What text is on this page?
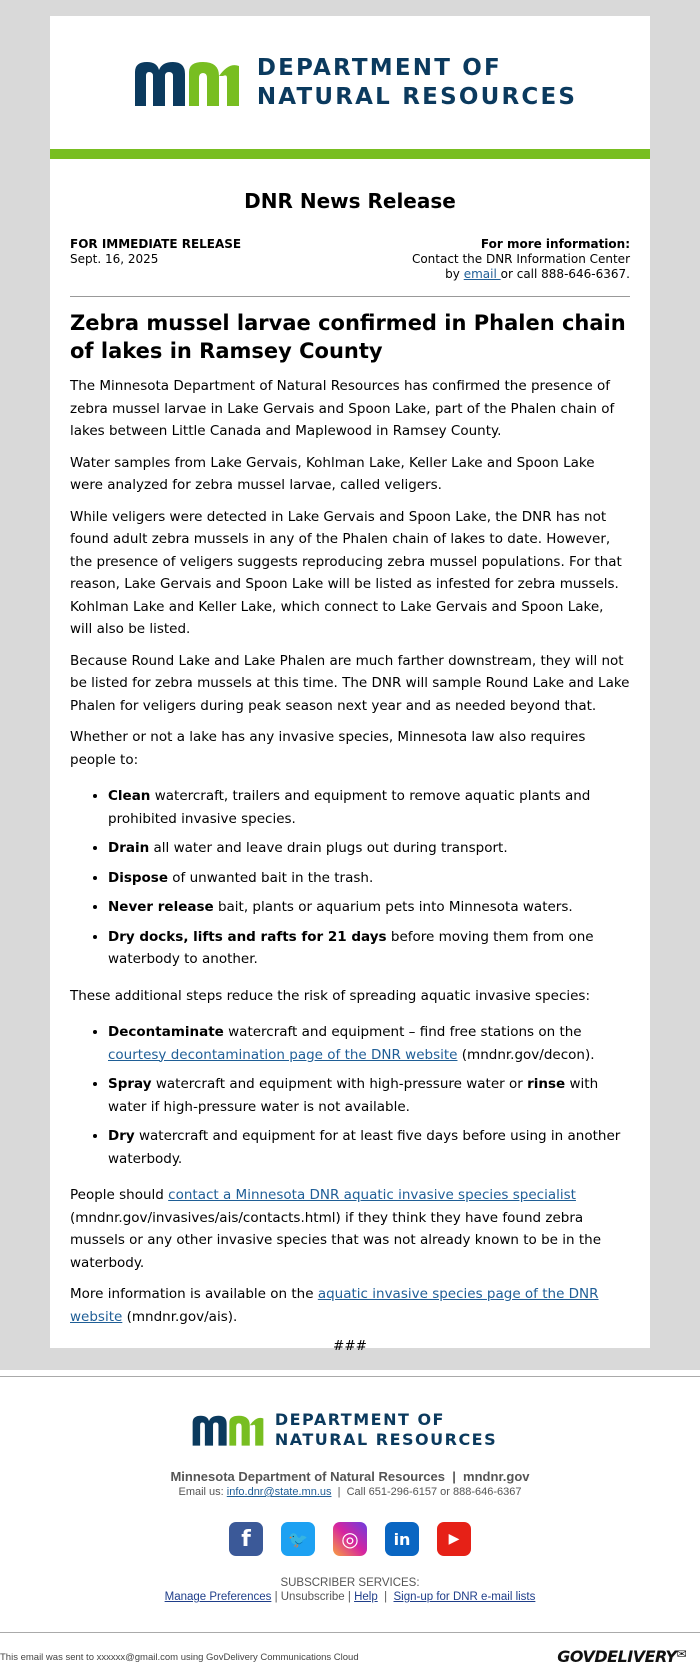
DEPARTMENT OF
NATURAL RESOURCES
DNR News Release
FOR IMMEDIATE RELEASE
Sept. 16, 2025
For more information:
Contact the DNR Information Center
by email or call 888-646-6367.
Zebra mussel larvae confirmed in Phalen chain of lakes in Ramsey County

The Minnesota Department of Natural Resources has confirmed the presence of zebra mussel larvae in Lake Gervais and Spoon Lake, part of the Phalen chain of lakes between Little Canada and Maplewood in Ramsey County.

Water samples from Lake Gervais, Kohlman Lake, Keller Lake and Spoon Lake were analyzed for zebra mussel larvae, called veligers.

While veligers were detected in Lake Gervais and Spoon Lake, the DNR has not found adult zebra mussels in any of the Phalen chain of lakes to date. However, the presence of veligers suggests reproducing zebra mussel populations. For that reason, Lake Gervais and Spoon Lake will be listed as infested for zebra mussels. Kohlman Lake and Keller Lake, which connect to Lake Gervais and Spoon Lake, will also be listed.

Because Round Lake and Lake Phalen are much farther downstream, they will not be listed for zebra mussels at this time. The DNR will sample Round Lake and Lake Phalen for veligers during peak season next year and as needed beyond that.

Whether or not a lake has any invasive species, Minnesota law also requires people to:

• Clean watercraft, trailers and equipment to remove aquatic plants and prohibited invasive species.
• Drain all water and leave drain plugs out during transport.
• Dispose of unwanted bait in the trash.
• Never release bait, plants or aquarium pets into Minnesota waters.
• Dry docks, lifts and rafts for 21 days before moving them from one waterbody to another.

These additional steps reduce the risk of spreading aquatic invasive species:

• Decontaminate watercraft and equipment – find free stations on the courtesy decontamination page of the DNR website (mndnr.gov/decon).
• Spray watercraft and equipment with high-pressure water or rinse with water if high-pressure water is not available.
• Dry watercraft and equipment for at least five days before using in another waterbody.

People should contact a Minnesota DNR aquatic invasive species specialist (mndnr.gov/invasives/ais/contacts.html) if they think they have found zebra mussels or any other invasive species that was not already known to be in the waterbody.

More information is available on the aquatic invasive species page of the DNR website (mndnr.gov/ais).

###
DEPARTMENT OF
NATURAL RESOURCES
Minnesota Department of Natural Resources  |  mndnr.gov
Email us: info.dnr@state.mn.us  |  Call 651-296-6157 or 888-646-6367
f 🐦 ◎ in	▶
SUBSCRIBER SERVICES:
Manage Preferences | Unsubscribe | Help  |  Sign-up for DNR e-mail lists
This email was sent to xxxxxx@gmail.com using GovDelivery Communications Cloud	GOVDELIVERY✉
